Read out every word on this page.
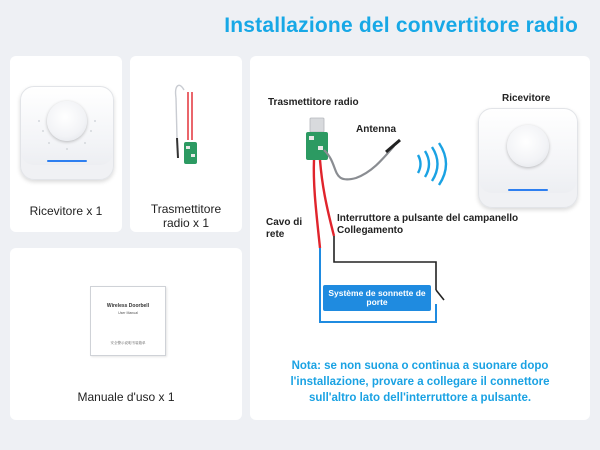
Installazione del convertitore radio
Ricevitore x 1	Trasmettitore radio x 1
Wireless Doorbell
User Manual
安全警示说明书装箱单
Manuale d'uso x 1
Trasmettitore radio	Ricevitore
Antenna
Cavo di rete
Interruttore a pulsante del campanello Collegamento
Système de sonnette de porte
Nota: se non suona o continua a suonare dopo l'installazione, provare a collegare il connettore sull'altro lato dell'interruttore a pulsante.
